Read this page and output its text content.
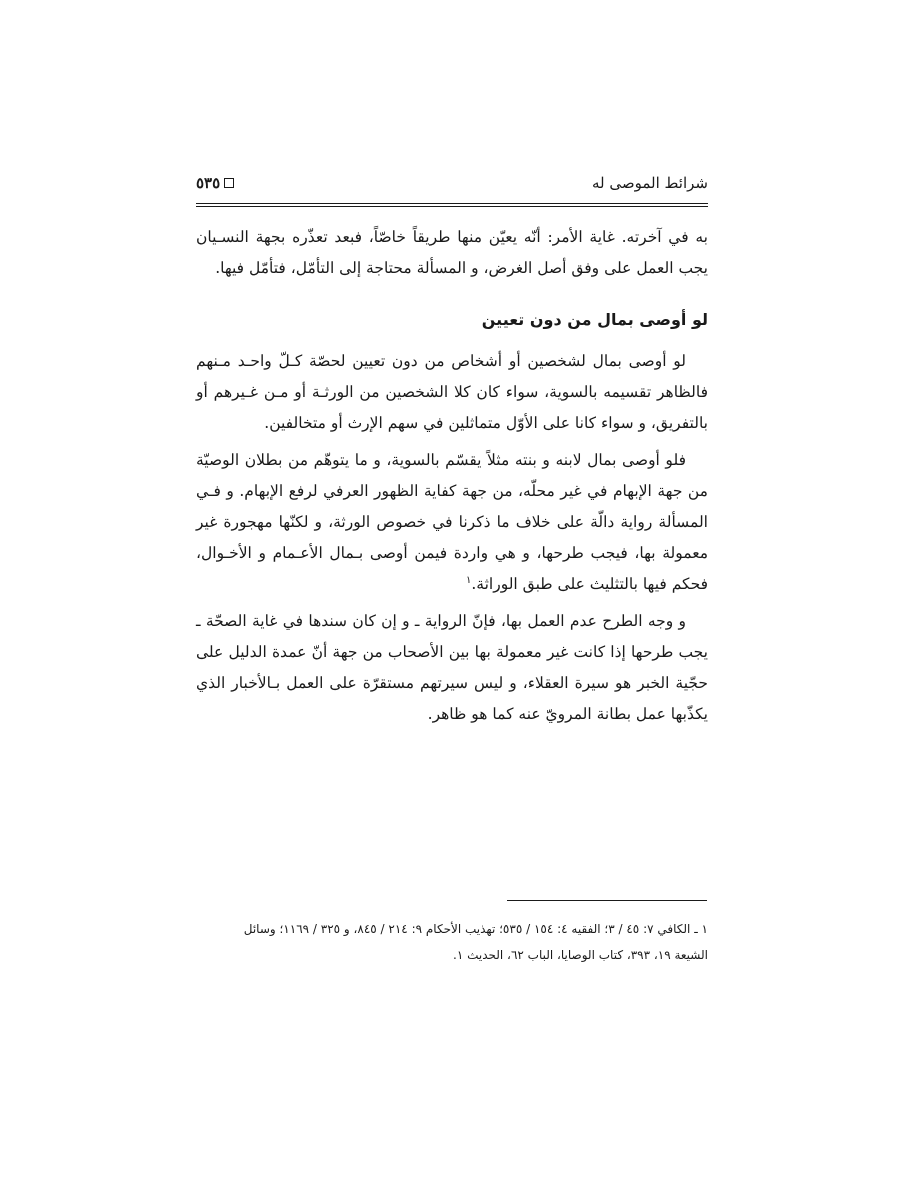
شرائط الموصى له
٥٣٥

به في آخرته. غاية الأمر: أنّه يعيّن منها طريقاً خاصّاً، فبعد تعذّره بجهة النسـيان يجب العمل على وفق أصل الغرض، و المسألة محتاجة إلى التأمّل، فتأمّل فيها.

لو أوصى بمال من دون تعيين

لو أوصى بمال لشخصين أو أشخاص من دون تعيين لحصّة كـلّ واحـد مـنهم فالظاهر تقسيمه بالسوية، سواء كان كلا الشخصين من الورثـة أو مـن غـيرهم أو بالتفريق، و سواء كانا على الأوّل متماثلين في سهم الإرث أو متخالفين.

فلو أوصى بمال لابنه و بنته مثلاً يقسّم بالسوية، و ما يتوهّم من بطلان الوصيّة من جهة الإبهام في غير محلّه، من جهة كفاية الظهور العرفي لرفع الإبهام. و فـي المسألة رواية دالّة على خلاف ما ذكرنا في خصوص الورثة، و لكنّها مهجورة غير معمولة بها، فيجب طرحها، و هي واردة فيمن أوصى بـمال الأعـمام و الأخـوال، فحكم فيها بالتثليث على طبق الوراثة.$^١$

و وجه الطرح عدم العمل بها، فإنّ الرواية ـ و إن كان سندها في غاية الصحّة ـ يجب طرحها إذا كانت غير معمولة بها بين الأصحاب من جهة أنّ عمدة الدليل على حجّية الخبر هو سيرة العقلاء، و ليس سيرتهم مستقرّة على العمل بـالأخبار الذي يكذّبها عمل بطانة المرويّ عنه كما هو ظاهر.

١ ـ الكافي ٧: ٤٥ / ٣؛ الفقيه ٤: ١٥٤ / ٥٣٥؛ تهذيب الأحكام ٩: ٢١٤ / ٨٤٥، و ٣٢٥ / ١١٦٩؛ وسائل

الشيعة ١٩، ٣٩٣، كتاب الوصايا، الباب ٦٢، الحديث ١.
